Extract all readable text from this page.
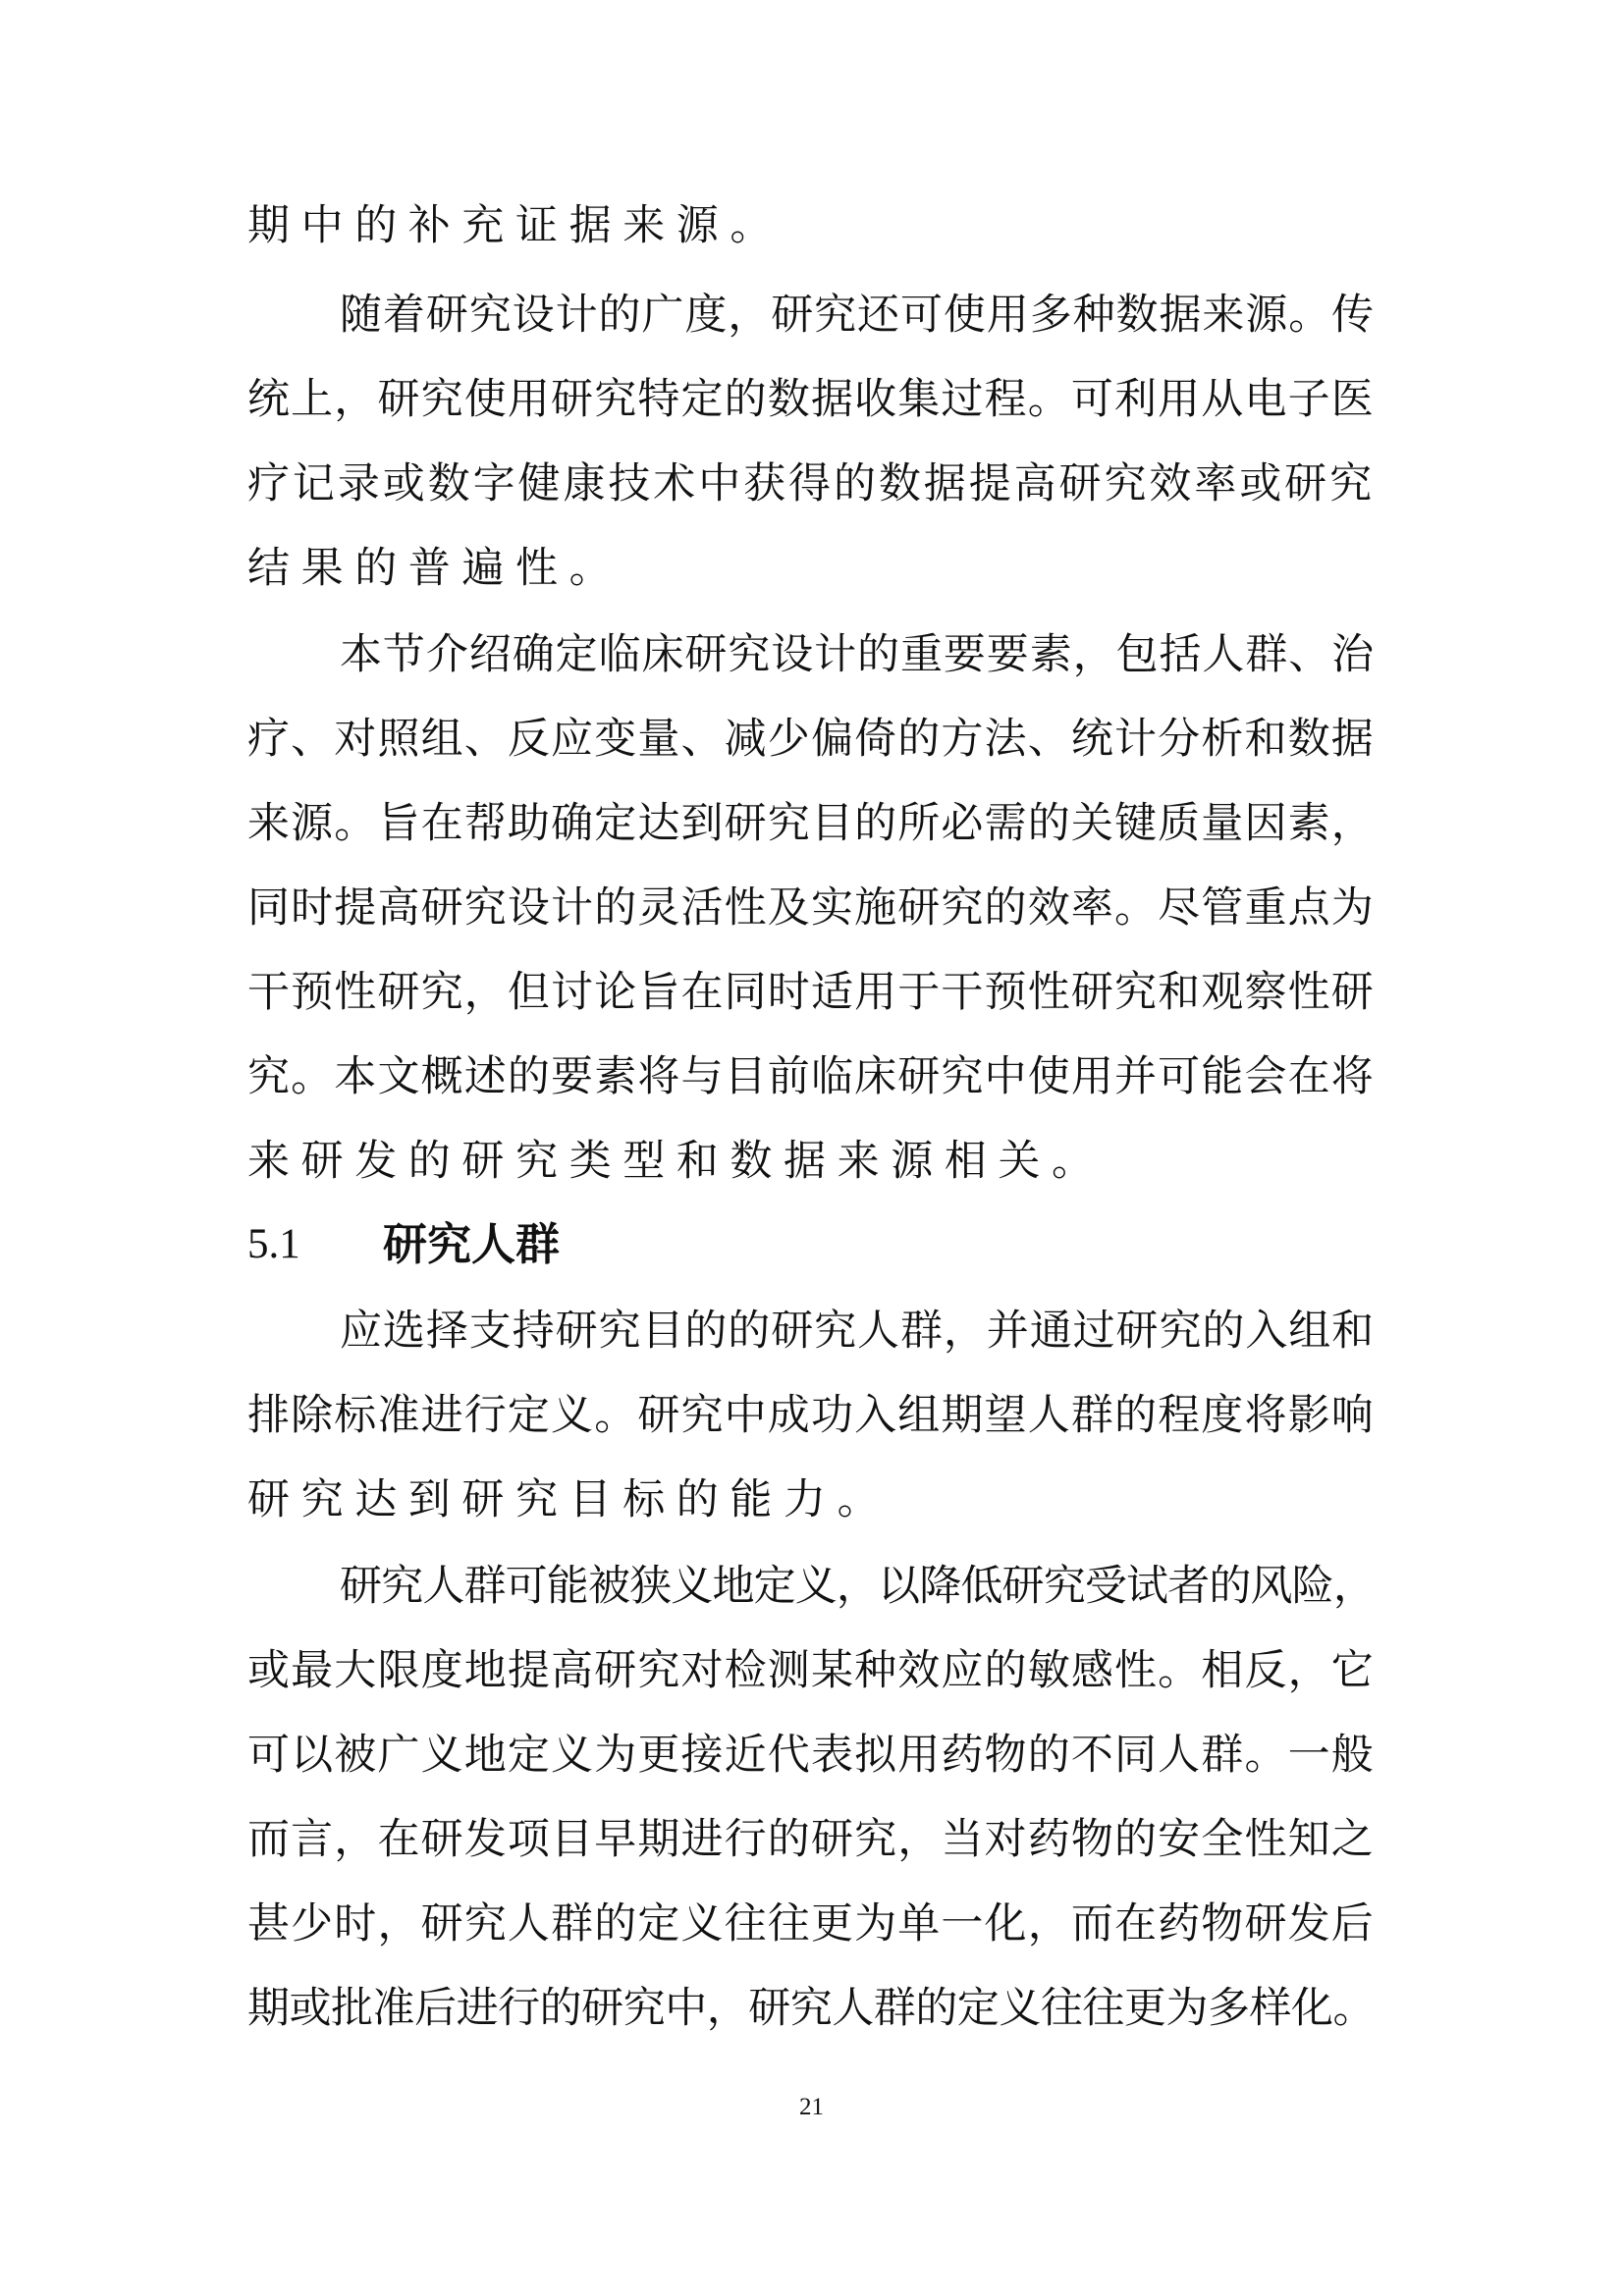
期中的补充证据来源。
随着研究设计的广度，研究还可使用多种数据来源。传
统上，研究使用研究特定的数据收集过程。可利用从电子医
疗记录或数字健康技术中获得的数据提高研究效率或研究
结果的普遍性。
本节介绍确定临床研究设计的重要要素，包括人群、治
疗、对照组、反应变量、减少偏倚的方法、统计分析和数据
来源。旨在帮助确定达到研究目的所必需的关键质量因素，
同时提高研究设计的灵活性及实施研究的效率。尽管重点为
干预性研究，但讨论旨在同时适用于干预性研究和观察性研
究。本文概述的要素将与目前临床研究中使用并可能会在将
来研发的研究类型和数据来源相关。
5.1 研究人群
应选择支持研究目的的研究人群，并通过研究的入组和
排除标准进行定义。研究中成功入组期望人群的程度将影响
研究达到研究目标的能力。
研究人群可能被狭义地定义，以降低研究受试者的风险，
或最大限度地提高研究对检测某种效应的敏感性。相反，它
可以被广义地定义为更接近代表拟用药物的不同人群。一般
而言，在研发项目早期进行的研究，当对药物的安全性知之
甚少时，研究人群的定义往往更为单一化，而在药物研发后
期或批准后进行的研究中，研究人群的定义往往更为多样化。
21
